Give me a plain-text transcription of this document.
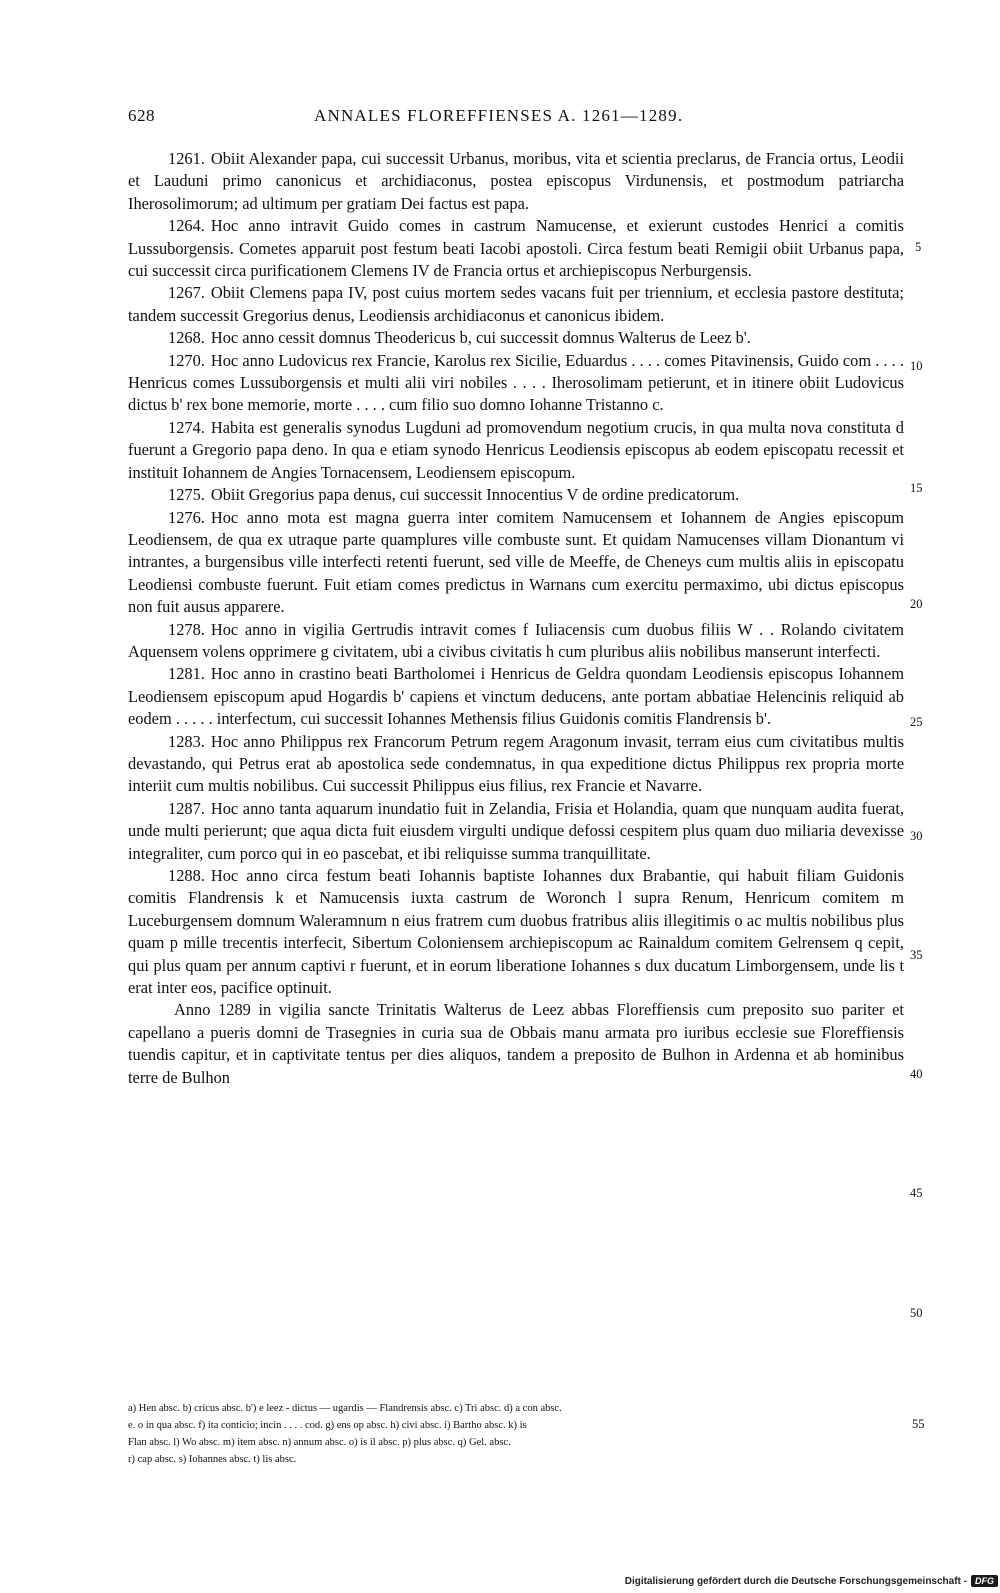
628	ANNALES FLOREFFIENSES A. 1261—1289.

1261. Obiit Alexander papa, cui successit Urbanus, moribus, vita et scientia preclarus, de Francia ortus, Leodii et Lauduni primo canonicus et archidiaconus, postea episcopus Virdunensis, et postmodum patriarcha Iherosolimorum; ad ultimum per gratiam Dei factus est papa.

1264. Hoc anno intravit Guido comes in castrum Namucense, et exierunt custodes Henrici a comitis Lussuborgensis. Cometes apparuit post festum beati Iacobi apostoli. Circa festum beati Remigii obiit Urbanus papa, cui successit circa purificationem Clemens IV de Francia ortus et archiepiscopus Nerburgensis.

1267. Obiit Clemens papa IV, post cuius mortem sedes vacans fuit per triennium, et ecclesia pastore destituta; tandem successit Gregorius denus, Leodiensis archidiaconus et canonicus ibidem.

1268. Hoc anno cessit domnus Theodericus b, cui successit domnus Walterus de Leez b'.

1270. Hoc anno Ludovicus rex Francie, Karolus rex Sicilie, Eduardus . . . . comes Pitavinensis, Guido com . . . . Henricus comes Lussuborgensis et multi alii viri nobiles . . . . Iherosolimam petierunt, et in itinere obiit Ludovicus dictus b' rex bone memorie, morte . . . . cum filio suo domno Iohanne Tristanno c.

1274. Habita est generalis synodus Lugduni ad promovendum negotium crucis, in qua multa nova constituta d fuerunt a Gregorio papa deno. In qua e etiam synodo Henricus Leodiensis episcopus ab eodem episcopatu recessit et instituit Iohannem de Angies Tornacensem, Leodiensem episcopum.

1275. Obiit Gregorius papa denus, cui successit Innocentius V de ordine predicatorum.

1276. Hoc anno mota est magna guerra inter comitem Namucensem et Iohannem de Angies episcopum Leodiensem, de qua ex utraque parte quamplures ville combuste sunt. Et quidam Namucenses villam Dionantum vi intrantes, a burgensibus ville interfecti retenti fuerunt, sed ville de Meeffe, de Cheneys cum multis aliis in episcopatu Leodiensi combuste fuerunt. Fuit etiam comes predictus in Warnans cum exercitu permaximo, ubi dictus episcopus non fuit ausus apparere.

1278. Hoc anno in vigilia Gertrudis intravit comes f Iuliacensis cum duobus filiis W . . Rolando civitatem Aquensem volens opprimere g civitatem, ubi a civibus civitatis h cum pluribus aliis nobilibus manserunt interfecti.

1281. Hoc anno in crastino beati Bartholomei i Henricus de Geldra quondam Leodiensis episcopus Iohannem Leodiensem episcopum apud Hogardis b' capiens et vinctum deducens, ante portam abbatiae Helencinis reliquid ab eodem . . . . . interfectum, cui successit Iohannes Methensis filius Guidonis comitis Flandrensis b'.

1283. Hoc anno Philippus rex Francorum Petrum regem Aragonum invasit, terram eius cum civitatibus multis devastando, qui Petrus erat ab apostolica sede condemnatus, in qua expeditione dictus Philippus rex propria morte interiit cum multis nobilibus. Cui successit Philippus eius filius, rex Francie et Navarre.

1287. Hoc anno tanta aquarum inundatio fuit in Zelandia, Frisia et Holandia, quam que nunquam audita fuerat, unde multi perierunt; que aqua dicta fuit eiusdem virgulti undique defossi cespitem plus quam duo miliaria devexisse integraliter, cum porco qui in eo pascebat, et ibi reliquisse summa tranquillitate.

1288. Hoc anno circa festum beati Iohannis baptiste Iohannes dux Brabantie, qui habuit filiam Guidonis comitis Flandrensis k et Namucensis iuxta castrum de Woronch l supra Renum, Henricum comitem m Luceburgensem domnum Waleramnum n eius fratrem cum duobus fratribus aliis illegitimis o ac multis nobilibus plus quam p mille trecentis interfecit, Sibertum Coloniensem archiepiscopum ac Rainaldum comitem Gelrensem q cepit, qui plus quam per annum captivi r fuerunt, et in eorum liberatione Iohannes s dux ducatum Limborgensem, unde lis t erat inter eos, pacifice optinuit.

Anno 1289 in vigilia sancte Trinitatis Walterus de Leez abbas Floreffiensis cum preposito suo pariter et capellano a pueris domni de Trasegnies in curia sua de Obbais manu armata pro iuribus ecclesie sue Floreffiensis tuendis capitur, et in captivitate tentus per dies aliquos, tandem a preposito de Bulhon in Ardenna et ab hominibus terre de Bulhon

5
10
15
20
25
30
35
40
45
50
55

a) Hen absc. b) cricus absc. b') e leez - dictus — ugardis — Flandrensis absc. c) Tri absc. d) a con absc.

e. o in qua absc. f) ita conticio; incin . . . . cod. g) ens op absc. h) civi absc. i) Bartho absc. k) is

Flan absc. l) Wo absc. m) item absc. n) annum absc. o) is il absc. p) plus absc. q) Gel. absc.

r) cap absc. s) Iohannes absc. t) lis absc.

Digitalisierung gefördert durch die Deutsche Forschungsgemeinschaft - DFG
